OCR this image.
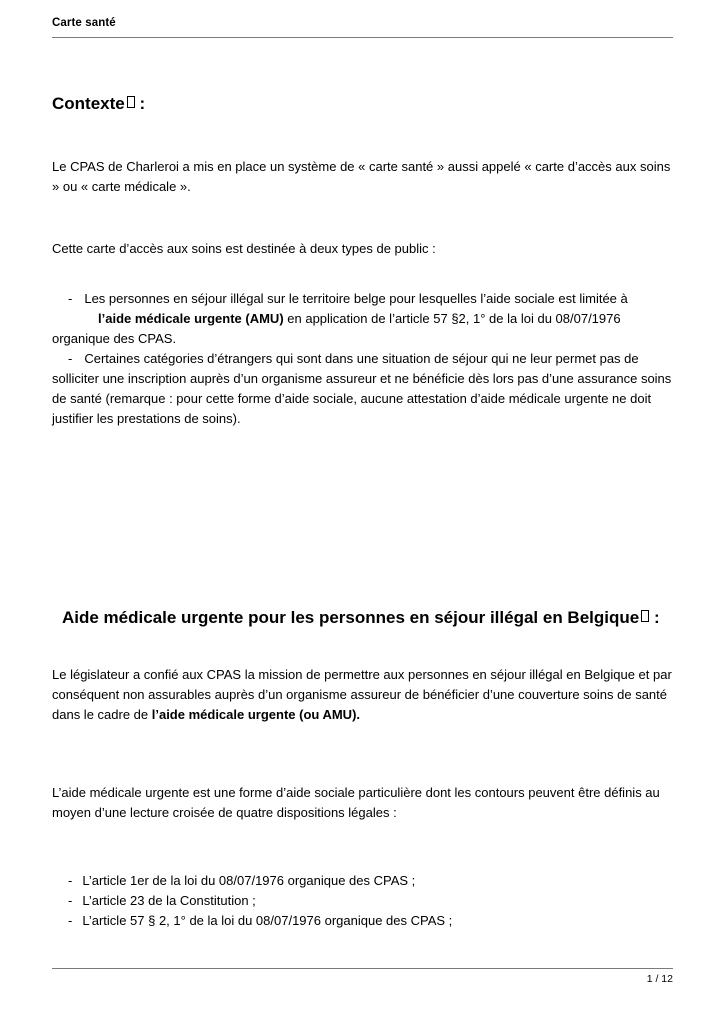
Carte santé
Contexte :

Le CPAS de Charleroi a mis en place un système de « carte santé » aussi appelé « carte d’accès aux soins » ou « carte médicale ».

Cette carte d’accès aux soins est destinée à deux types de public :

- Les personnes en séjour illégal sur le territoire belge pour lesquelles l’aide sociale est limitée àl’aide médicale urgente (AMU) en application de l’article 57 §2, 1° de la loi du 08/07/1976 organique des CPAS.

- Certaines catégories d’étrangers qui sont dans une situation de séjour qui ne leur permet pas de solliciter une inscription auprès d’un organisme assureur et ne bénéficie dès lors pas d’une assurance soins de santé (remarque : pour cette forme d’aide sociale, aucune attestation d’aide médicale urgente ne doit justifier les prestations de soins).

Aide médicale urgente pour les personnes en séjour illégal en Belgique :

Le législateur a confié aux CPAS la mission de permettre aux personnes en séjour illégal en Belgique et par conséquent non assurables auprès d’un organisme assureur de bénéficier d’une couverture soins de santé dans le cadre de l’aide médicale urgente (ou AMU).

L’aide médicale urgente est une forme d’aide sociale particulière dont les contours peuvent être définis au moyen d’une lecture croisée de quatre dispositions légales :

- L’article 1er de la loi du 08/07/1976 organique des CPAS ;

- L’article 23 de la Constitution ;

- L’article 57 § 2, 1° de la loi du 08/07/1976 organique des CPAS ;

1 / 12
